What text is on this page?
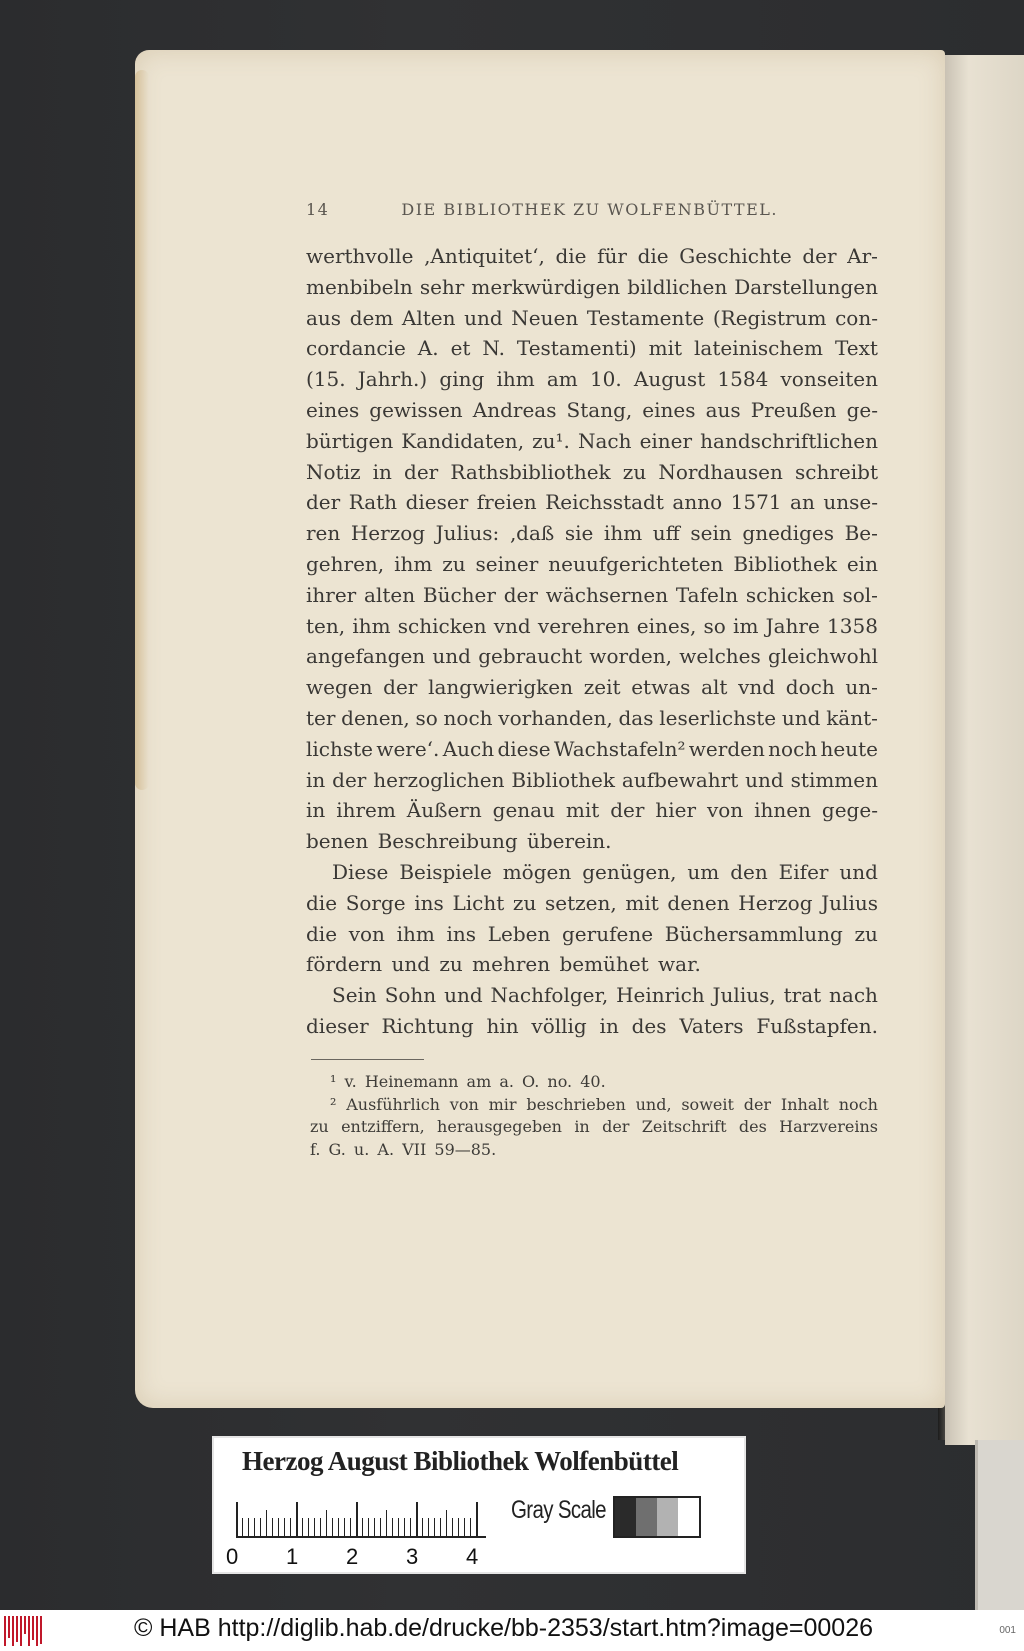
14	DIE BIBLIOTHEK ZU WOLFENBÜTTEL.
werthvolle ‚Antiquitet‘, die für die Geschichte der Ar-
menbibeln sehr merkwürdigen bildlichen Darstellungen
aus dem Alten und Neuen Testamente (Registrum con-
cordancie A. et N. Testamenti) mit lateinischem Text
(15. Jahrh.) ging ihm am 10. August 1584 vonseiten
eines gewissen Andreas Stang, eines aus Preußen ge-
bürtigen Kandidaten, zu¹. Nach einer handschriftlichen
Notiz in der Rathsbibliothek zu Nordhausen schreibt
der Rath dieser freien Reichsstadt anno 1571 an unse-
ren Herzog Julius: ‚daß sie ihm uff sein gnediges Be-
gehren, ihm zu seiner neuufgerichteten Bibliothek ein
ihrer alten Bücher der wächsernen Tafeln schicken sol-
ten, ihm schicken vnd verehren eines, so im Jahre 1358
angefangen und gebraucht worden, welches gleichwohl
wegen der langwierigken zeit etwas alt vnd doch un-
ter denen, so noch vorhanden, das leserlichste und känt-
lichste were‘. Auch diese Wachstafeln² werden noch heute
in der herzoglichen Bibliothek aufbewahrt und stimmen
in ihrem Äußern genau mit der hier von ihnen gege-
benen Beschreibung überein.
Diese Beispiele mögen genügen, um den Eifer und
die Sorge ins Licht zu setzen, mit denen Herzog Julius
die von ihm ins Leben gerufene Büchersammlung zu
fördern und zu mehren bemühet war.
Sein Sohn und Nachfolger, Heinrich Julius, trat nach
dieser Richtung hin völlig in des Vaters Fußstapfen.
¹ v. Heinemann am a. O. no. 40.
² Ausführlich von mir beschrieben und, soweit der Inhalt noch
zu entziffern, herausgegeben in der Zeitschrift des Harzvereins
f. G. u. A. VII 59—85.
Herzog August Bibliothek Wolfenbüttel
0 1 2 3 4
Gray Scale
© HAB http://diglib.hab.de/drucke/bb-2353/start.htm?image=00026	001
